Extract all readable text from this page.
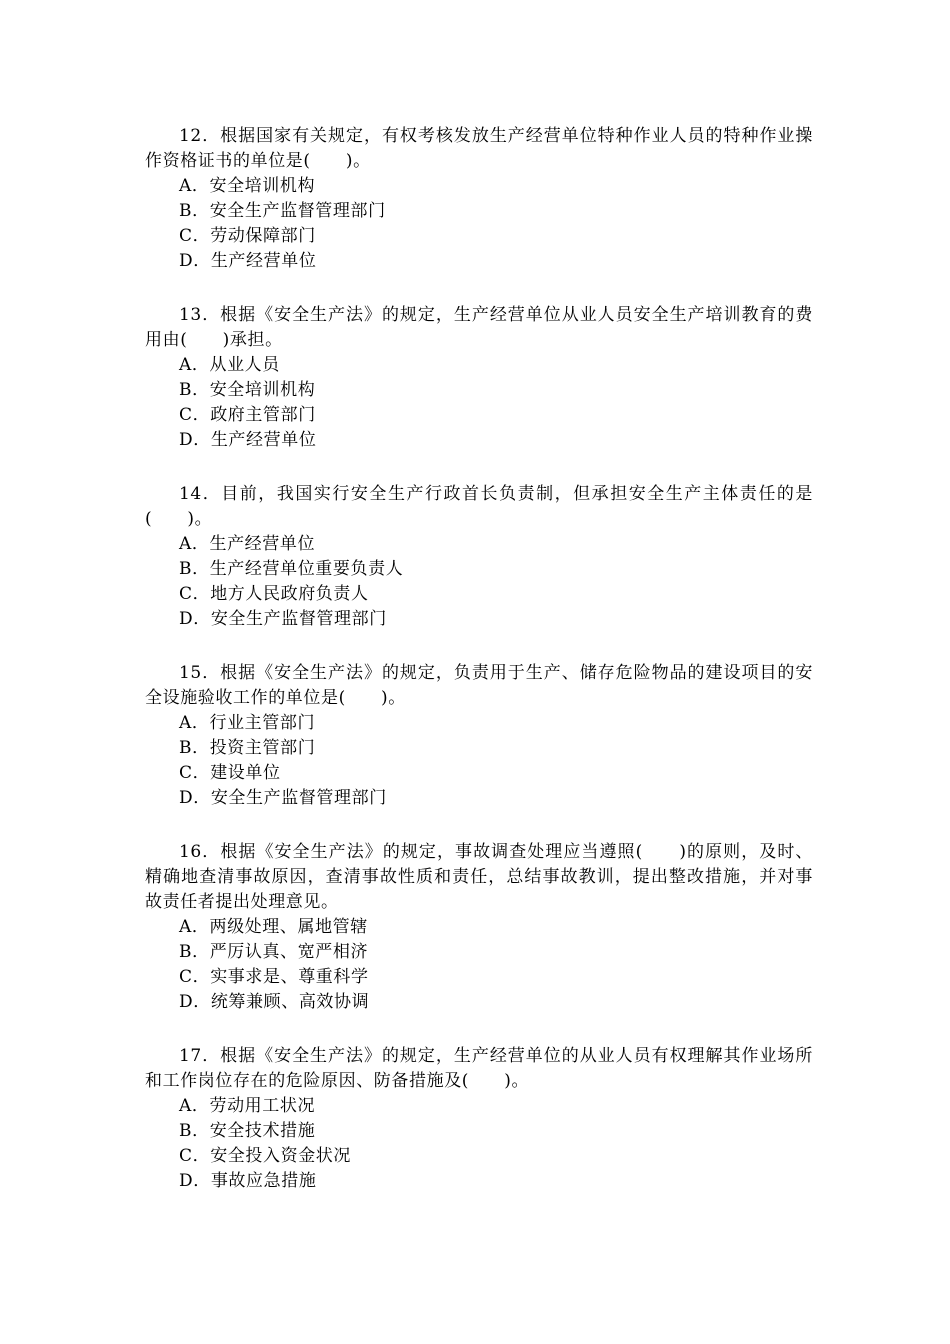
12．根据国家有关规定，有权考核发放生产经营单位特种作业人员的特种作业操作资格证书的单位是(　　)。

A．安全培训机构
B．安全生产监督管理部门
C．劳动保障部门
D．生产经营单位

13．根据《安全生产法》的规定，生产经营单位从业人员安全生产培训教育的费用由(　　)承担。

A．从业人员
B．安全培训机构
C．政府主管部门
D．生产经营单位

14．目前，我国实行安全生产行政首长负责制，但承担安全生产主体责任的是(　　)。

A．生产经营单位
B．生产经营单位重要负责人
C．地方人民政府负责人
D．安全生产监督管理部门

15．根据《安全生产法》的规定，负责用于生产、储存危险物品的建设项目的安全设施验收工作的单位是(　　)。

A．行业主管部门
B．投资主管部门
C．建设单位
D．安全生产监督管理部门

16．根据《安全生产法》的规定，事故调查处理应当遵照(　　)的原则，及时、精确地查清事故原因，查清事故性质和责任，总结事故教训，提出整改措施，并对事故责任者提出处理意见。

A．两级处理、属地管辖
B．严厉认真、宽严相济
C．实事求是、尊重科学
D．统筹兼顾、高效协调

17．根据《安全生产法》的规定，生产经营单位的从业人员有权理解其作业场所和工作岗位存在的危险原因、防备措施及(　　)。

A．劳动用工状况
B．安全技术措施
C．安全投入资金状况
D．事故应急措施
